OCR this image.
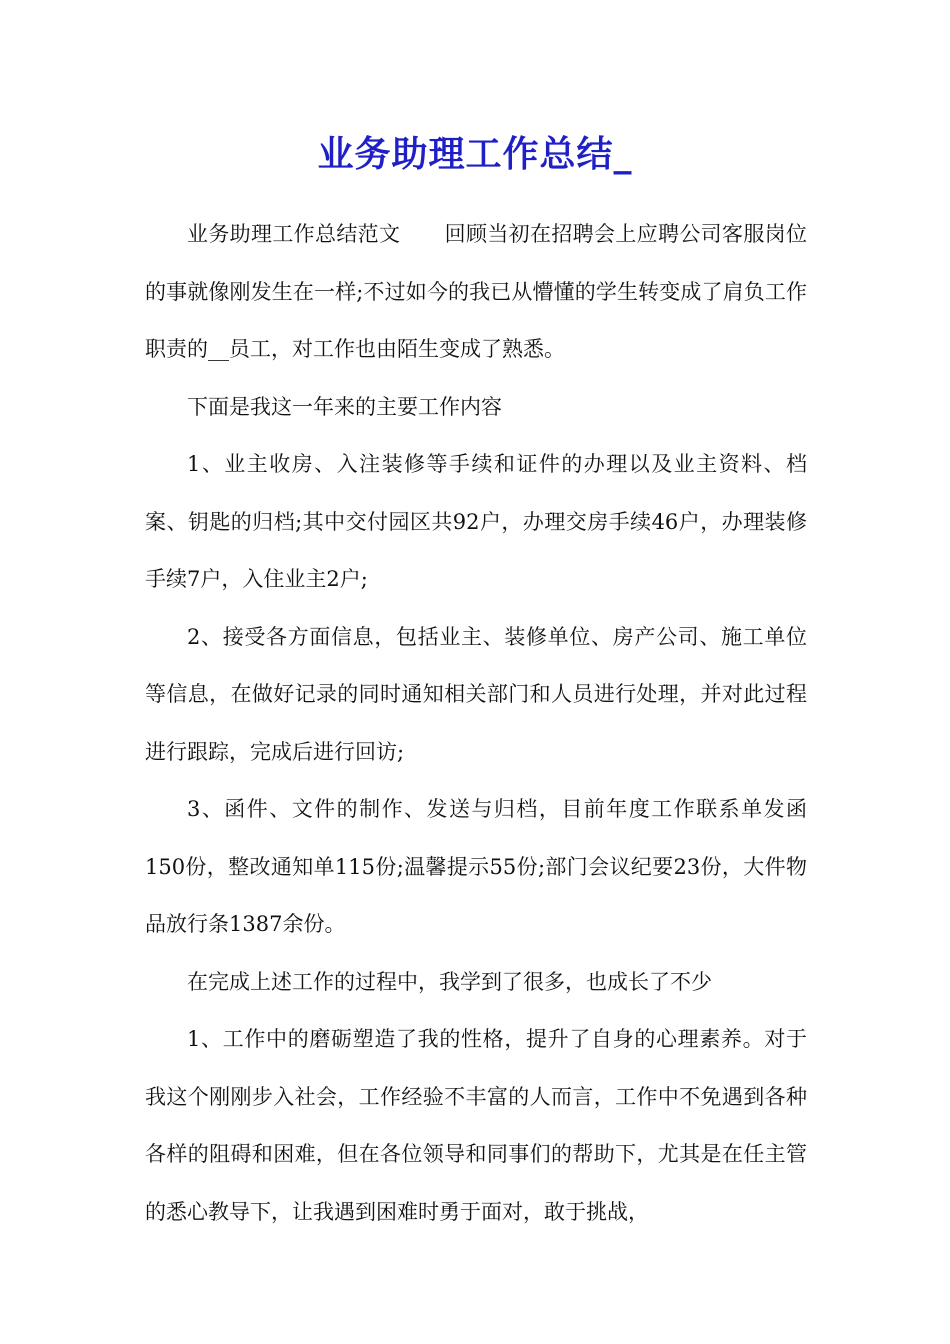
业务助理工作总结_

业务助理工作总结范文 回顾当初在招聘会上应聘公司客服岗位的事就像刚发生在一样;不过如今的我已从懵懂的学生转变成了肩负工作职责的__员工，对工作也由陌生变成了熟悉。

下面是我这一年来的主要工作内容

1、业主收房、入注装修等手续和证件的办理以及业主资料、档案、钥匙的归档;其中交付园区共92户，办理交房手续46户，办理装修手续7户，入住业主2户;

2、接受各方面信息，包括业主、装修单位、房产公司、施工单位等信息，在做好记录的同时通知相关部门和人员进行处理，并对此过程进行跟踪，完成后进行回访;

3、函件、文件的制作、发送与归档，目前年度工作联系单发函150份，整改通知单115份;温馨提示55份;部门会议纪要23份，大件物品放行条1387余份。

在完成上述工作的过程中，我学到了很多，也成长了不少

1、工作中的磨砺塑造了我的性格，提升了自身的心理素养。对于我这个刚刚步入社会，工作经验不丰富的人而言，工作中不免遇到各种各样的阻碍和困难，但在各位领导和同事们的帮助下，尤其是在任主管的悉心教导下，让我遇到困难时勇于面对，敢于挑战，
